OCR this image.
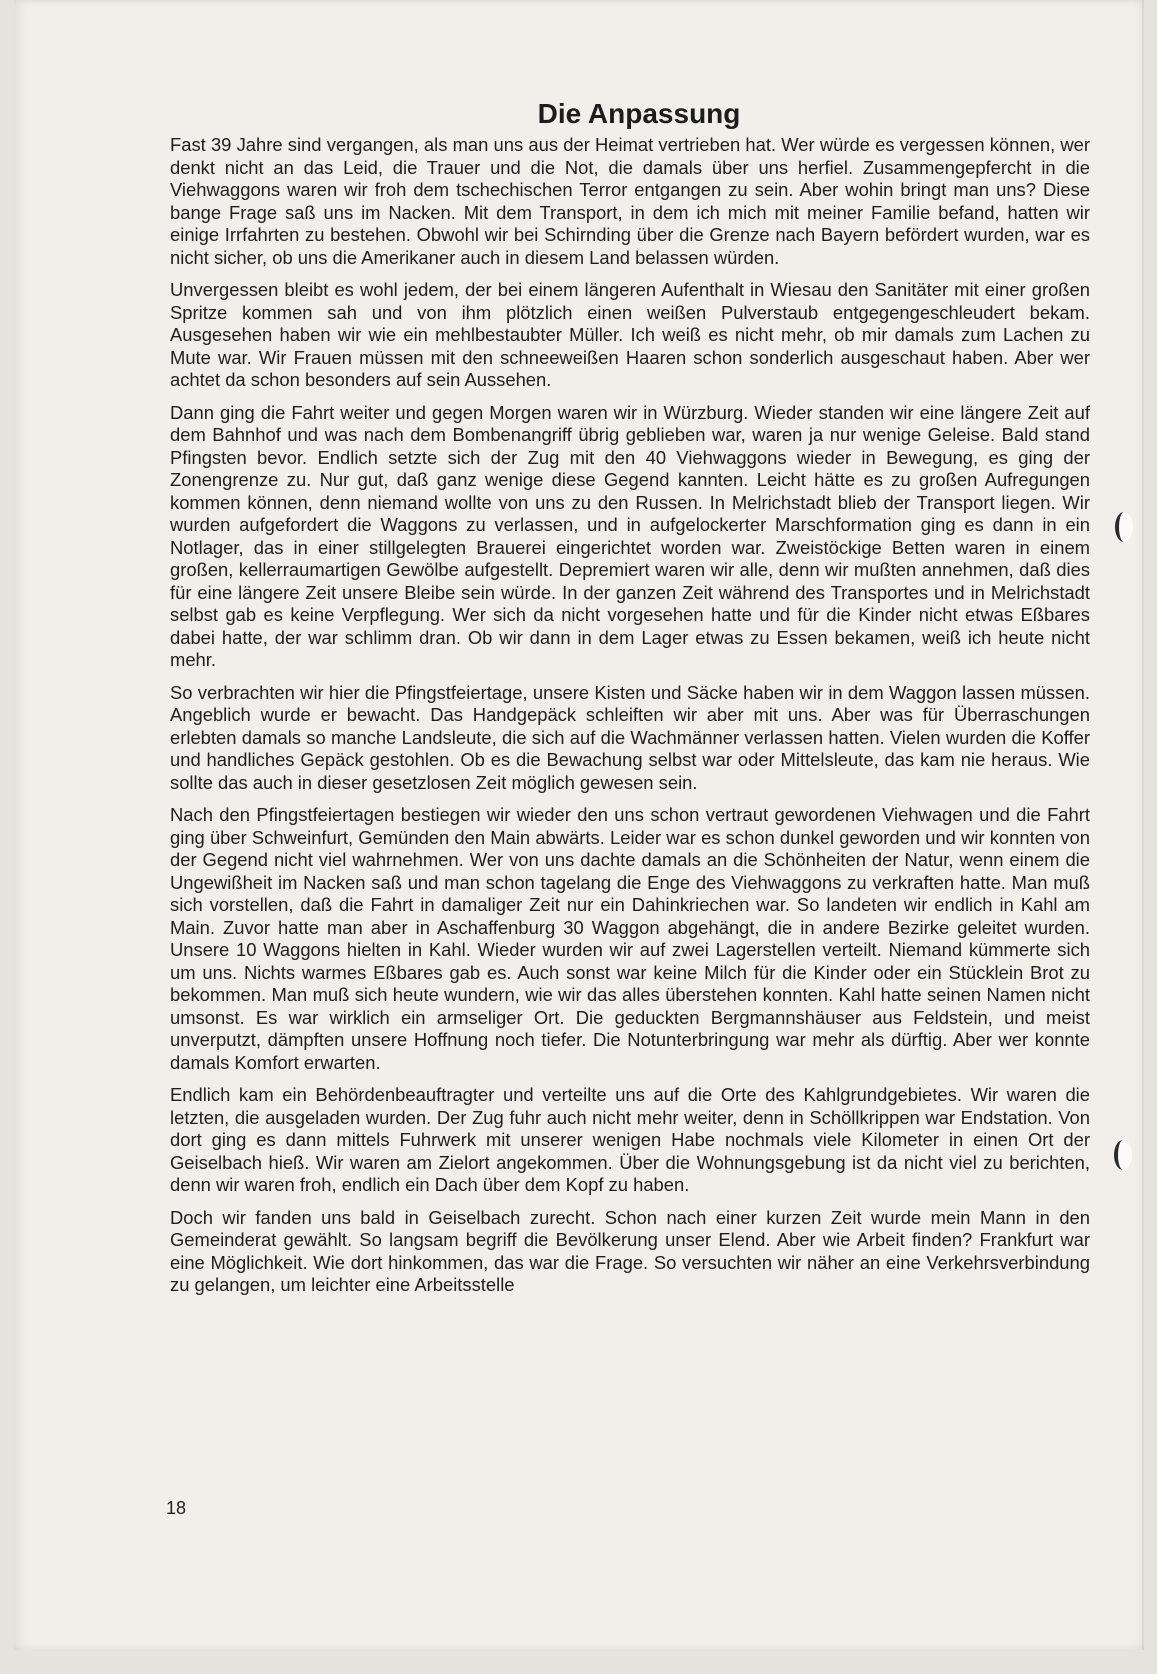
Die Anpassung

Fast 39 Jahre sind vergangen, als man uns aus der Heimat vertrieben hat. Wer würde es vergessen können, wer denkt nicht an das Leid, die Trauer und die Not, die damals über uns herfiel. Zusammengepfercht in die Viehwaggons waren wir froh dem tschechischen Terror entgangen zu sein. Aber wohin bringt man uns? Diese bange Frage saß uns im Nacken. Mit dem Transport, in dem ich mich mit meiner Familie befand, hatten wir einige Irrfahrten zu bestehen. Obwohl wir bei Schirnding über die Grenze nach Bayern befördert wurden, war es nicht sicher, ob uns die Amerikaner auch in diesem Land belassen würden.

Unvergessen bleibt es wohl jedem, der bei einem längeren Aufenthalt in Wiesau den Sanitäter mit einer großen Spritze kommen sah und von ihm plötzlich einen weißen Pulverstaub entgegengeschleudert bekam. Ausgesehen haben wir wie ein mehlbestaubter Müller. Ich weiß es nicht mehr, ob mir damals zum Lachen zu Mute war. Wir Frauen müssen mit den schneeweißen Haaren schon sonderlich ausgeschaut haben. Aber wer achtet da schon besonders auf sein Aussehen.

Dann ging die Fahrt weiter und gegen Morgen waren wir in Würzburg. Wieder standen wir eine längere Zeit auf dem Bahnhof und was nach dem Bombenangriff übrig geblieben war, waren ja nur wenige Geleise. Bald stand Pfingsten bevor. Endlich setzte sich der Zug mit den 40 Viehwaggons wieder in Bewegung, es ging der Zonengrenze zu. Nur gut, daß ganz wenige diese Gegend kannten. Leicht hätte es zu großen Aufregungen kommen können, denn niemand wollte von uns zu den Russen. In Melrichstadt blieb der Transport liegen. Wir wurden aufgefordert die Waggons zu verlassen, und in aufgelockerter Marschformation ging es dann in ein Notlager, das in einer stillgelegten Brauerei eingerichtet worden war. Zweistöckige Betten waren in einem großen, kellerraumartigen Gewölbe aufgestellt. Depremiert waren wir alle, denn wir mußten annehmen, daß dies für eine längere Zeit unsere Bleibe sein würde. In der ganzen Zeit während des Transportes und in Melrichstadt selbst gab es keine Verpflegung. Wer sich da nicht vorgesehen hatte und für die Kinder nicht etwas Eßbares dabei hatte, der war schlimm dran. Ob wir dann in dem Lager etwas zu Essen bekamen, weiß ich heute nicht mehr.

So verbrachten wir hier die Pfingstfeiertage, unsere Kisten und Säcke haben wir in dem Waggon lassen müssen. Angeblich wurde er bewacht. Das Handgepäck schleiften wir aber mit uns. Aber was für Überraschungen erlebten damals so manche Landsleute, die sich auf die Wachmänner verlassen hatten. Vielen wurden die Koffer und handliches Gepäck gestohlen. Ob es die Bewachung selbst war oder Mittelsleute, das kam nie heraus. Wie sollte das auch in dieser gesetzlosen Zeit möglich gewesen sein.

Nach den Pfingstfeiertagen bestiegen wir wieder den uns schon vertraut gewordenen Viehwagen und die Fahrt ging über Schweinfurt, Gemünden den Main abwärts. Leider war es schon dunkel geworden und wir konnten von der Gegend nicht viel wahrnehmen. Wer von uns dachte damals an die Schönheiten der Natur, wenn einem die Ungewißheit im Nacken saß und man schon tagelang die Enge des Viehwaggons zu verkraften hatte. Man muß sich vorstellen, daß die Fahrt in damaliger Zeit nur ein Dahinkriechen war. So landeten wir endlich in Kahl am Main. Zuvor hatte man aber in Aschaffenburg 30 Waggon abgehängt, die in andere Bezirke geleitet wurden. Unsere 10 Waggons hielten in Kahl. Wieder wurden wir auf zwei Lagerstellen verteilt. Niemand kümmerte sich um uns. Nichts warmes Eßbares gab es. Auch sonst war keine Milch für die Kinder oder ein Stücklein Brot zu bekommen. Man muß sich heute wundern, wie wir das alles überstehen konnten. Kahl hatte seinen Namen nicht umsonst. Es war wirklich ein armseliger Ort. Die geduckten Bergmannshäuser aus Feldstein, und meist unverputzt, dämpften unsere Hoffnung noch tiefer. Die Notunterbringung war mehr als dürftig. Aber wer konnte damals Komfort erwarten.

Endlich kam ein Behördenbeauftragter und verteilte uns auf die Orte des Kahlgrundgebietes. Wir waren die letzten, die ausgeladen wurden. Der Zug fuhr auch nicht mehr weiter, denn in Schöllkrippen war Endstation. Von dort ging es dann mittels Fuhrwerk mit unserer wenigen Habe nochmals viele Kilometer in einen Ort der Geiselbach hieß. Wir waren am Zielort angekommen. Über die Wohnungsgebung ist da nicht viel zu berichten, denn wir waren froh, endlich ein Dach über dem Kopf zu haben.

Doch wir fanden uns bald in Geiselbach zurecht. Schon nach einer kurzen Zeit wurde mein Mann in den Gemeinderat gewählt. So langsam begriff die Bevölkerung unser Elend. Aber wie Arbeit finden? Frankfurt war eine Möglichkeit. Wie dort hinkommen, das war die Frage. So versuchten wir näher an eine Verkehrsverbindung zu gelangen, um leichter eine Arbeitsstelle

18
